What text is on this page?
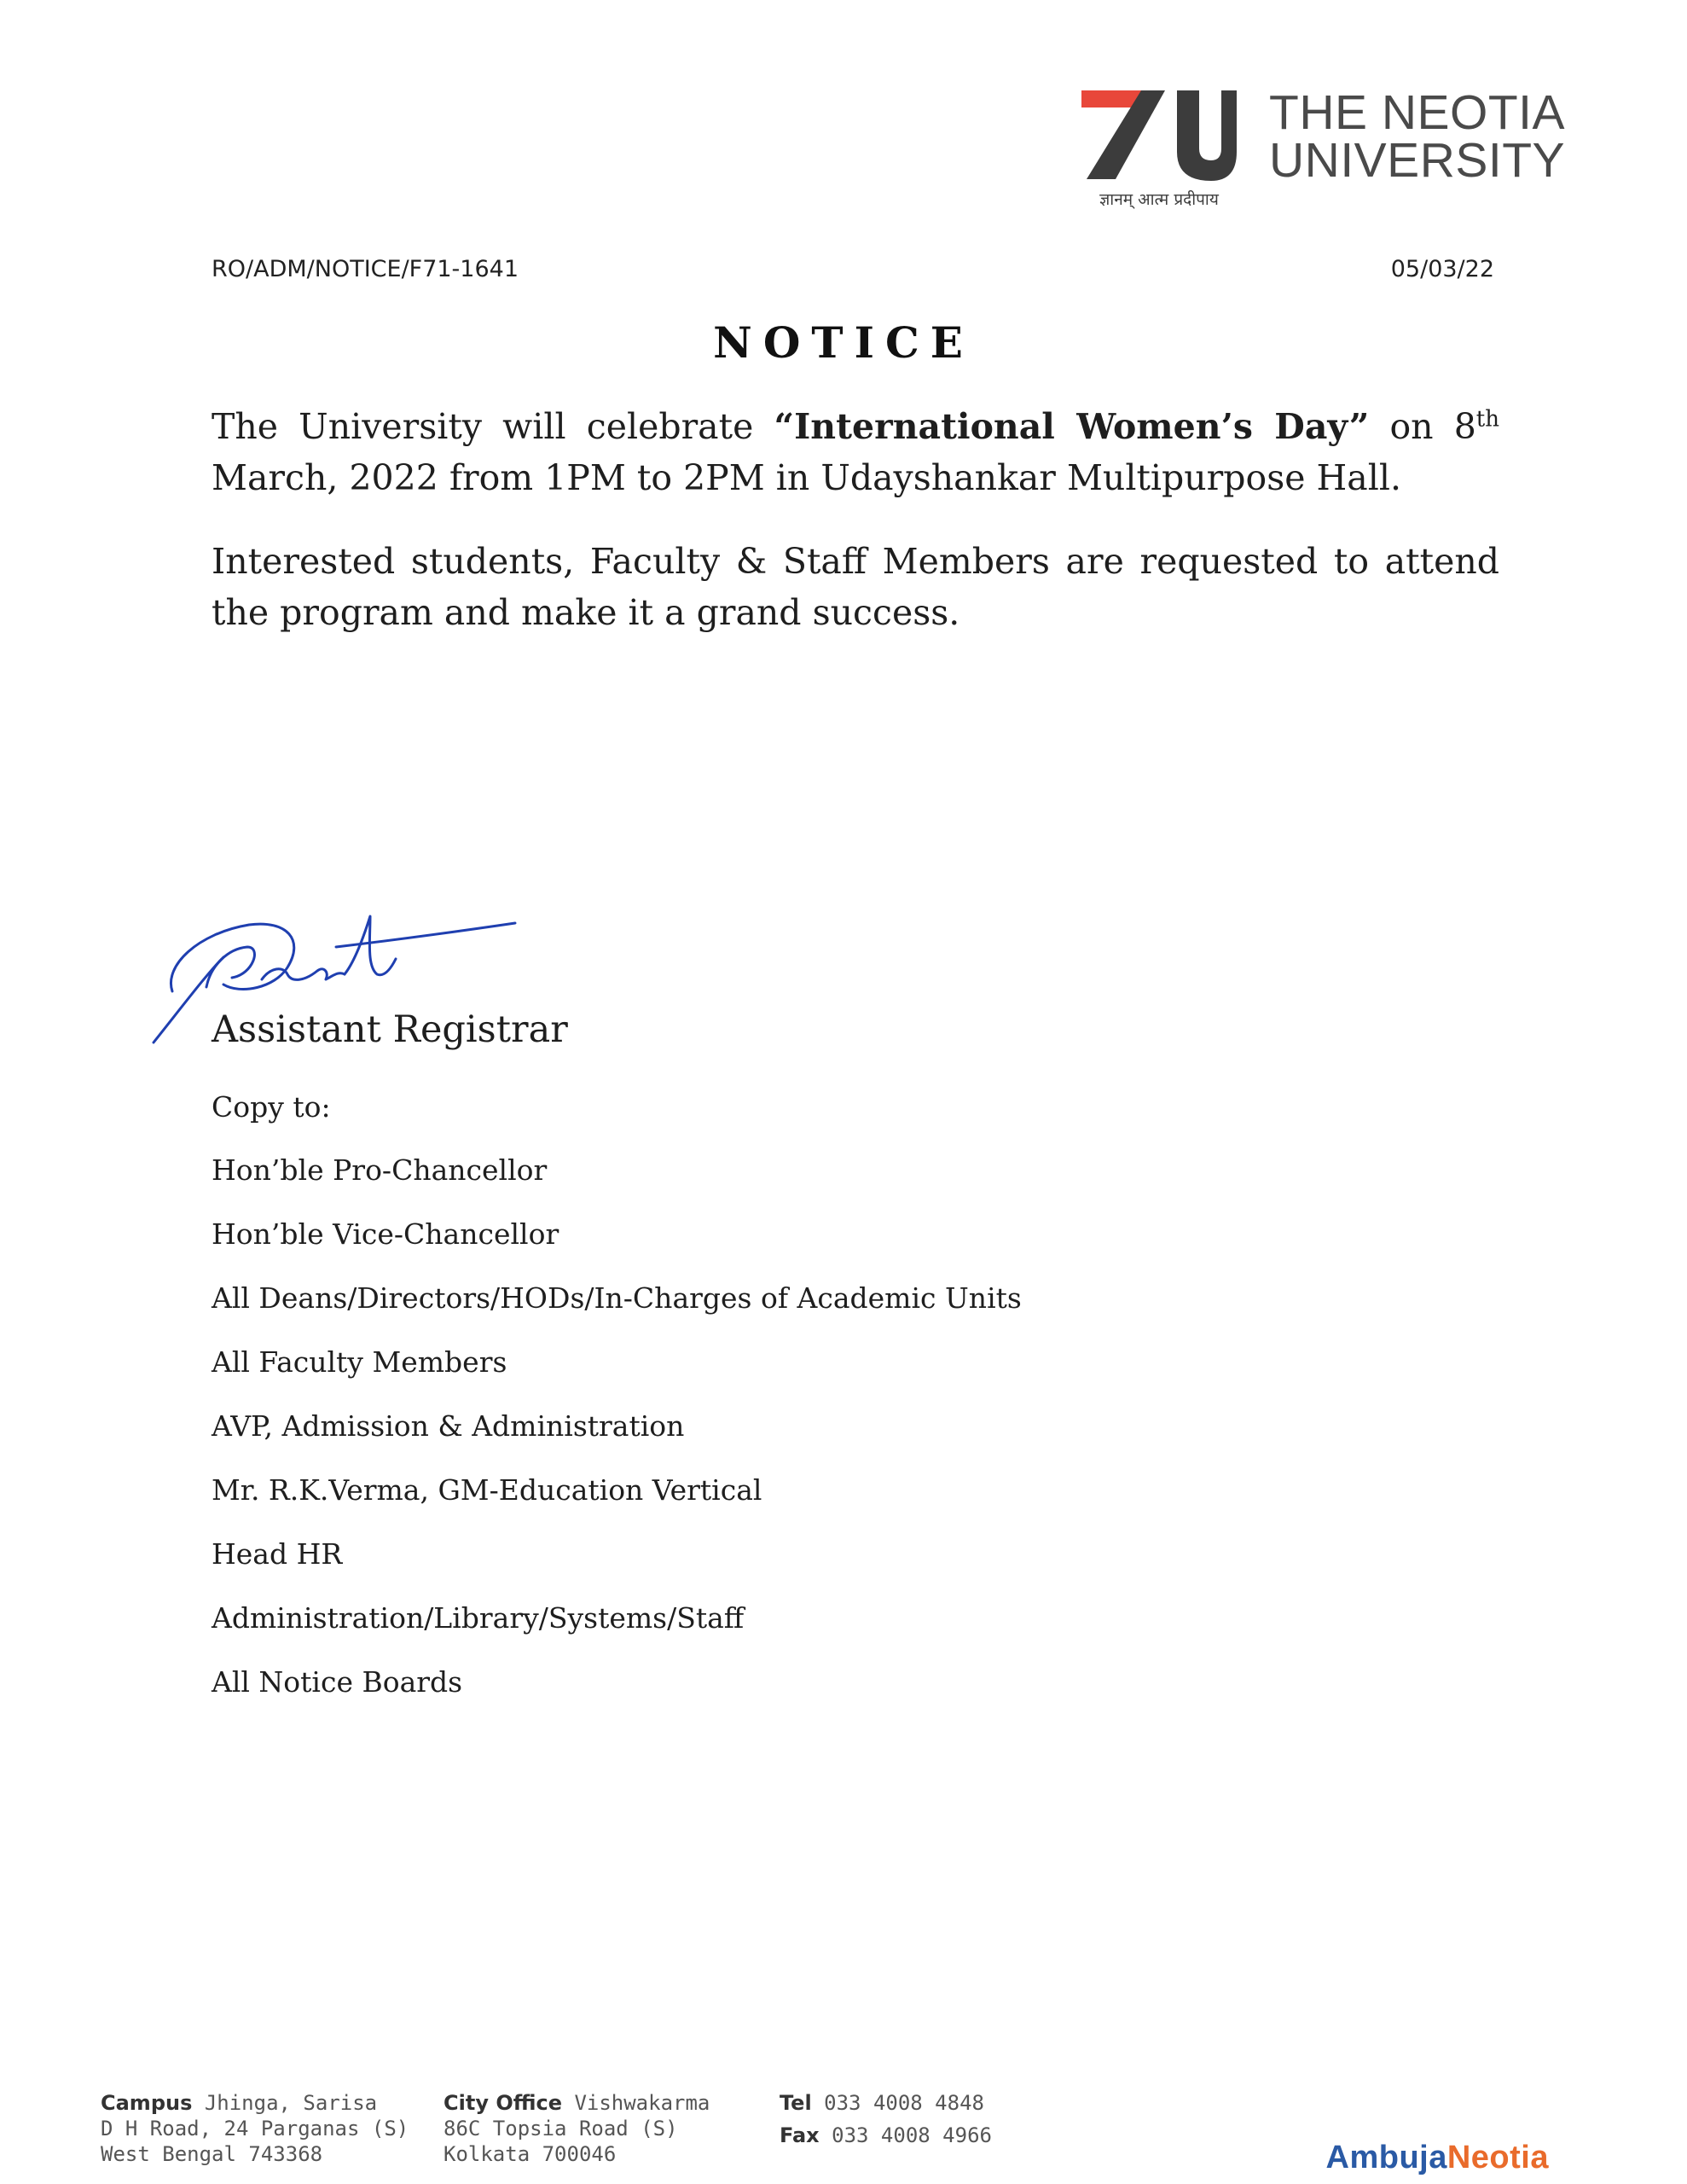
THE NEOTIA
UNIVERSITY
ज्ञानम् आत्म प्रदीपाय
RO/ADM/NOTICE/F71-1641	05/03/22
NOTICE

The University will celebrate “International Women’s Day” on 8th March, 2022 from 1PM to 2PM in Udayshankar Multipurpose Hall.

Interested students, Faculty & Staff Members are requested to attend the program and make it a grand success.

Assistant Registrar
Copy to:
Hon’ble Pro-Chancellor
Hon’ble Vice-Chancellor
All Deans/Directors/HODs/In-Charges of Academic Units
All Faculty Members
AVP, Admission & Administration
Mr. R.K.Verma, GM-Education Vertical
Head HR
Administration/Library/Systems/Staff
All Notice Boards
Campus Jhinga, Sarisa
D H Road, 24 Parganas (S)
West Bengal 743368
City Office Vishwakarma
86C Topsia Road (S)
Kolkata 700046
Tel 033 4008 4848
Fax 033 4008 4966
AmbujaNeotia
